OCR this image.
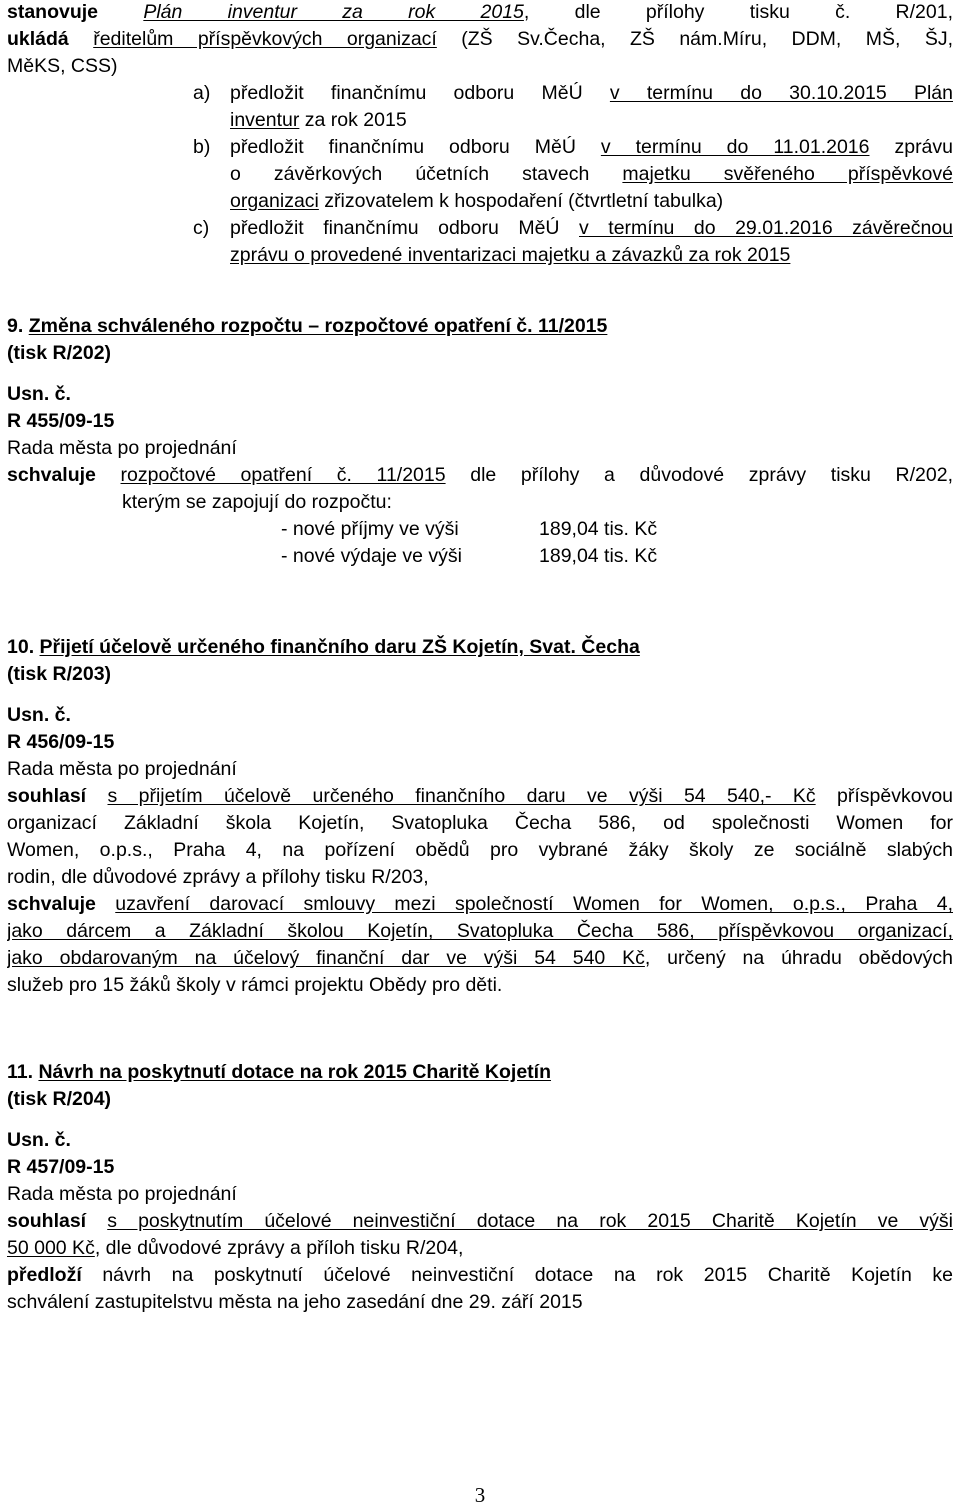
stanovuje Plán inventur za rok 2015, dle přílohy tisku č. R/201,
ukládá ředitelům příspěvkových organizací (ZŠ Sv.Čecha, ZŠ nám.Míru, DDM, MŠ, ŠJ,
MěKS, CSS)
a) předložit finančnímu odboru MěÚ v termínu do 30.10.2015 Plán
inventur za rok 2015
b) předložit finančnímu odboru MěÚ v termínu do 11.01.2016 zprávu
o závěrkových účetních stavech majetku svěřeného příspěvkové
organizaci zřizovatelem k hospodaření (čtvrtletní tabulka)
c) předložit finančnímu odboru MěÚ v termínu do 29.01.2016 závěrečnou
zprávu o provedené inventarizaci majetku a závazků za rok 2015
9. Změna schváleného rozpočtu – rozpočtové opatření č. 11/2015
(tisk R/202)
Usn. č.
R 455/09-15
Rada města po projednání
schvaluje rozpočtové opatření č. 11/2015 dle přílohy a důvodové zprávy tisku R/202,
kterým se zapojují do rozpočtu:
- nové příjmy ve výši	189,04 tis. Kč
- nové výdaje ve výši	189,04 tis. Kč
10. Přijetí účelově určeného finančního daru ZŠ Kojetín, Svat. Čecha
(tisk R/203)
Usn. č.
R 456/09-15
Rada města po projednání
souhlasí s přijetím účelově určeného finančního daru ve výši 54 540,- Kč příspěvkovou
organizací Základní škola Kojetín, Svatopluka Čecha 586, od společnosti Women for
Women, o.p.s., Praha 4, na pořízení obědů pro vybrané žáky školy ze sociálně slabých
rodin, dle důvodové zprávy a přílohy tisku R/203,
schvaluje uzavření darovací smlouvy mezi společností Women for Women, o.p.s., Praha 4,
jako dárcem a Základní školou Kojetín, Svatopluka Čecha 586, příspěvkovou organizací,
jako obdarovaným na účelový finanční dar ve výši 54 540 Kč, určený na úhradu obědových
služeb pro 15 žáků školy v rámci projektu Obědy pro děti.
11. Návrh na poskytnutí dotace na rok 2015 Charitě Kojetín
(tisk R/204)
Usn. č.
R 457/09-15
Rada města po projednání
souhlasí s poskytnutím účelové neinvestiční dotace na rok 2015 Charitě Kojetín ve výši
50 000 Kč, dle důvodové zprávy a příloh tisku R/204,
předloží návrh na poskytnutí účelové neinvestiční dotace na rok 2015 Charitě Kojetín ke
schválení zastupitelstvu města na jeho zasedání dne 29. září 2015
3
